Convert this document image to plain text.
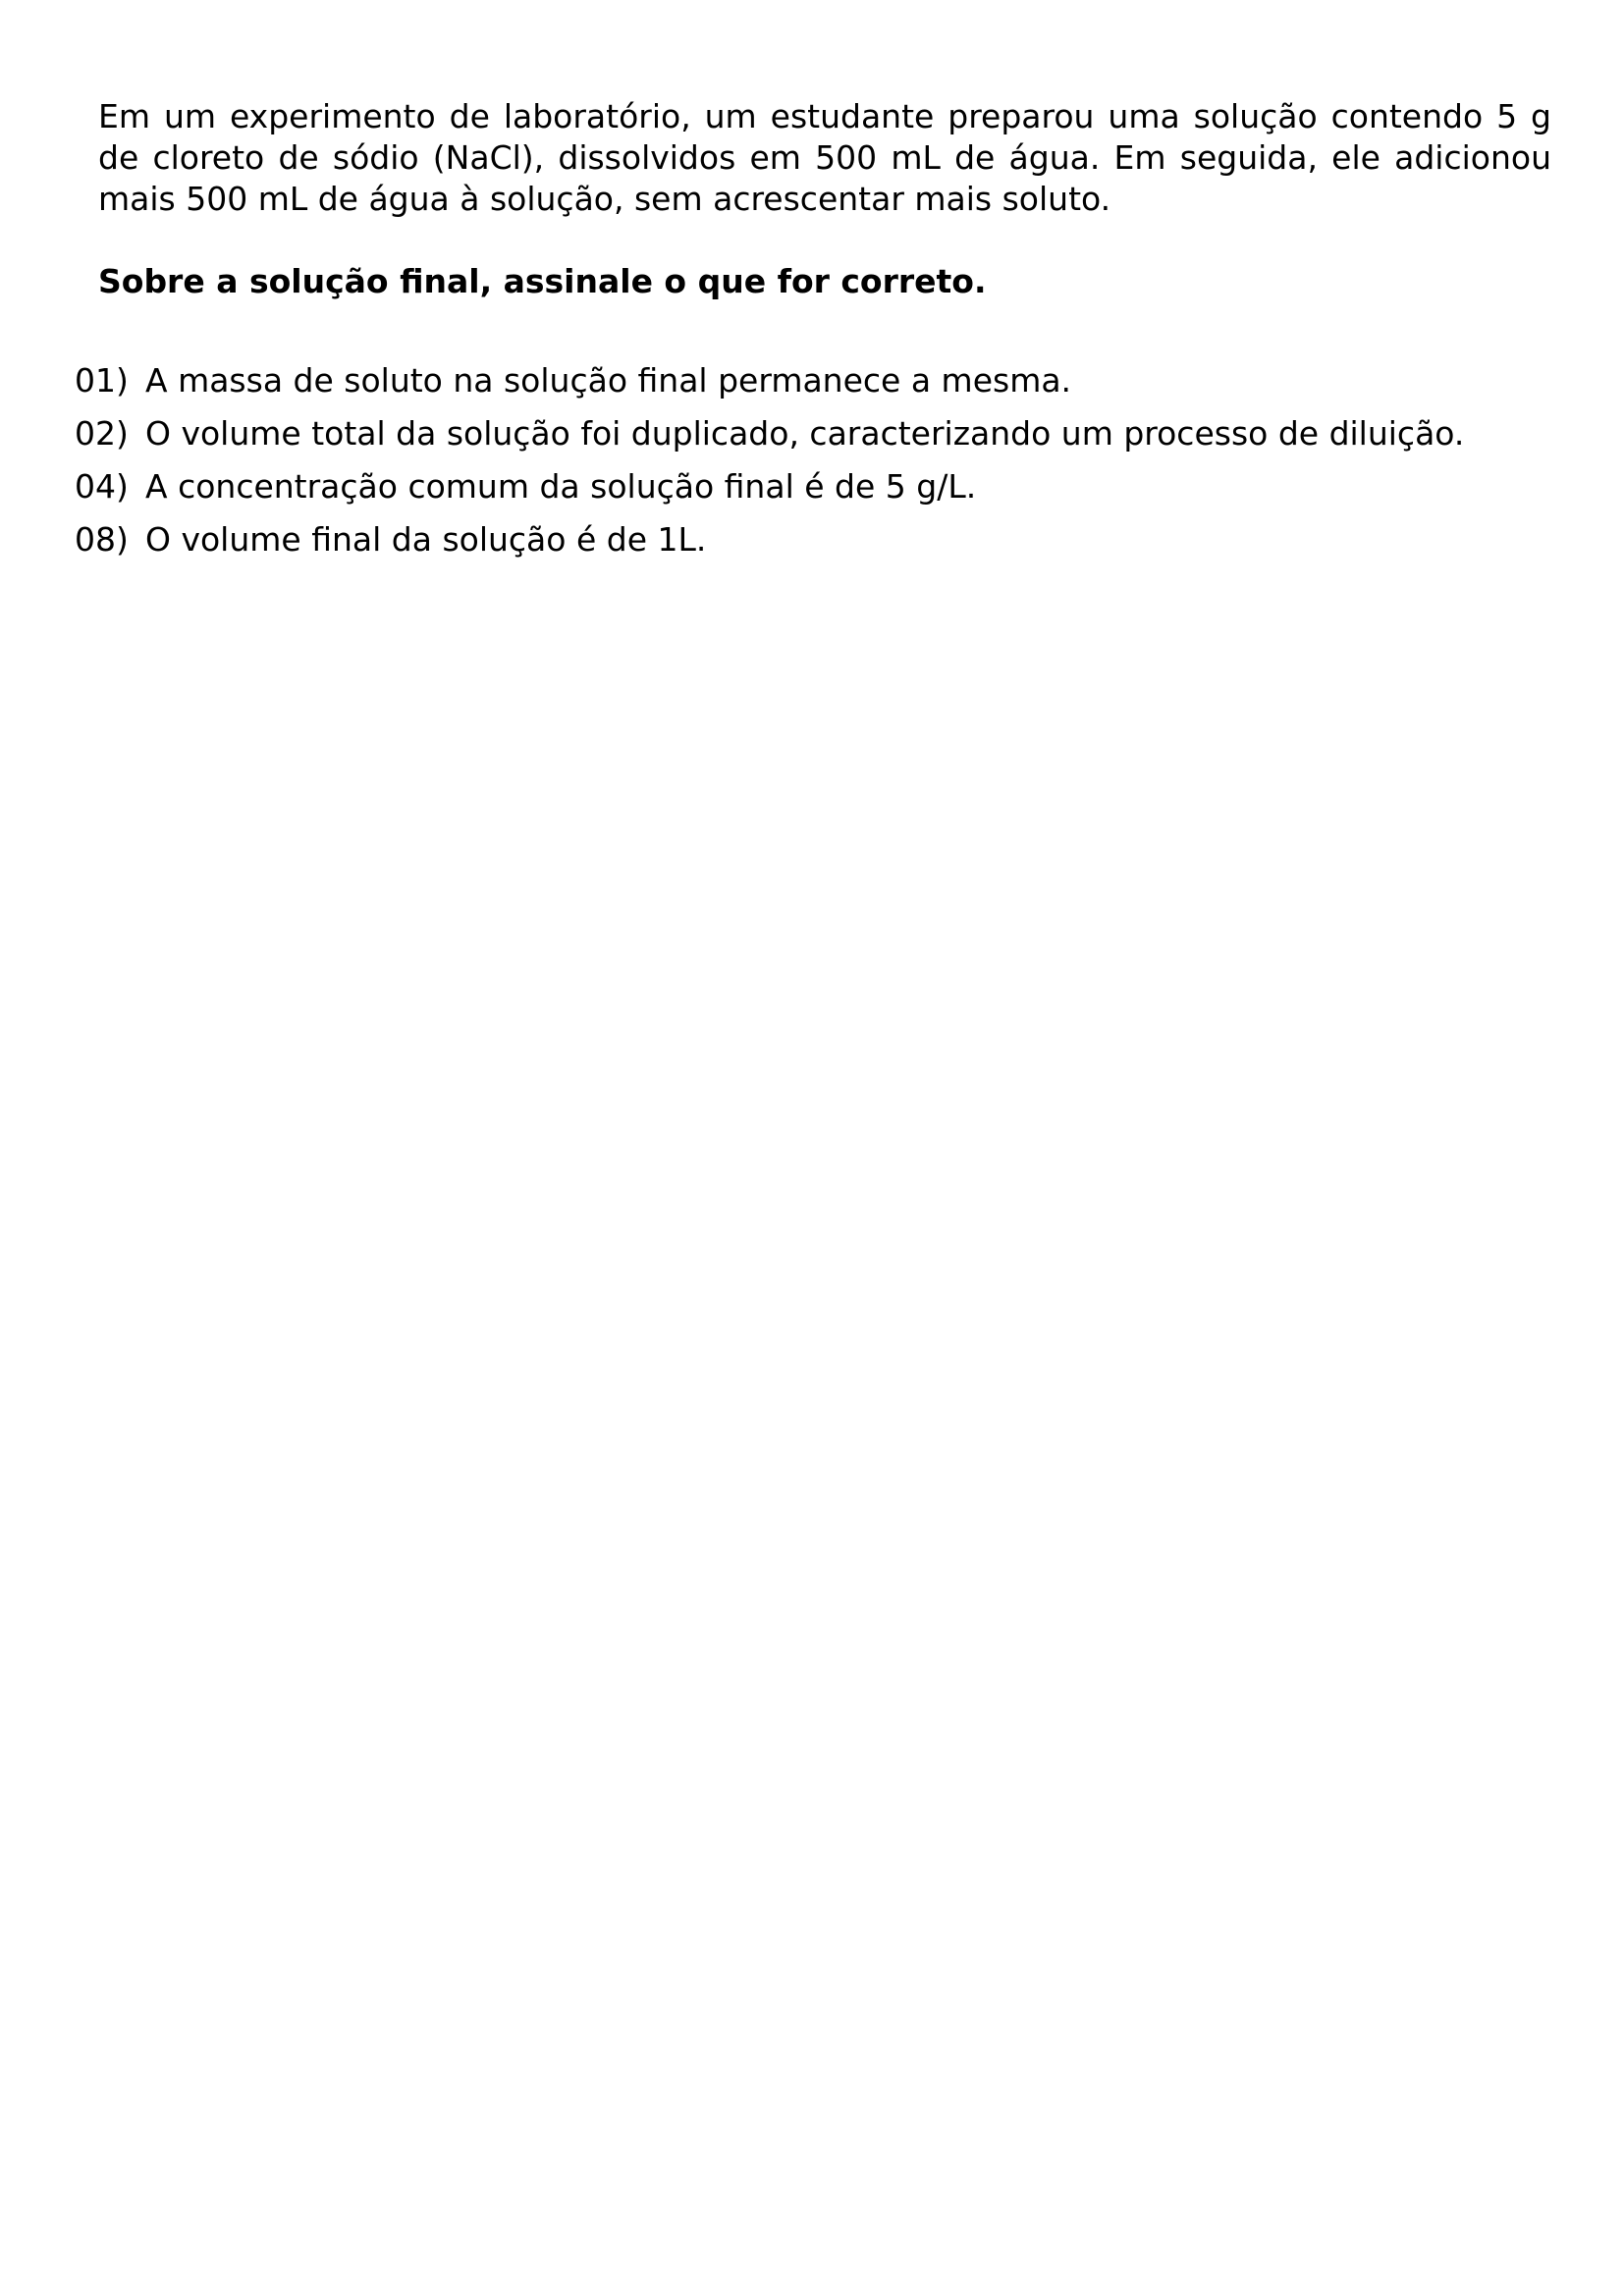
Em um experimento de laboratório, um estudante preparou uma solução contendo 5 g de cloreto de sódio (NaCl), dissolvidos em 500 mL de água. Em seguida, ele adicionou mais 500 mL de água à solução, sem acrescentar mais soluto.

Sobre a solução final, assinale o que for correto.

01) A massa de soluto na solução final permanece a mesma.
02) O volume total da solução foi duplicado, caracterizando um processo de diluição.
04) A concentração comum da solução final é de 5 g/L.
08) O volume final da solução é de 1L.
